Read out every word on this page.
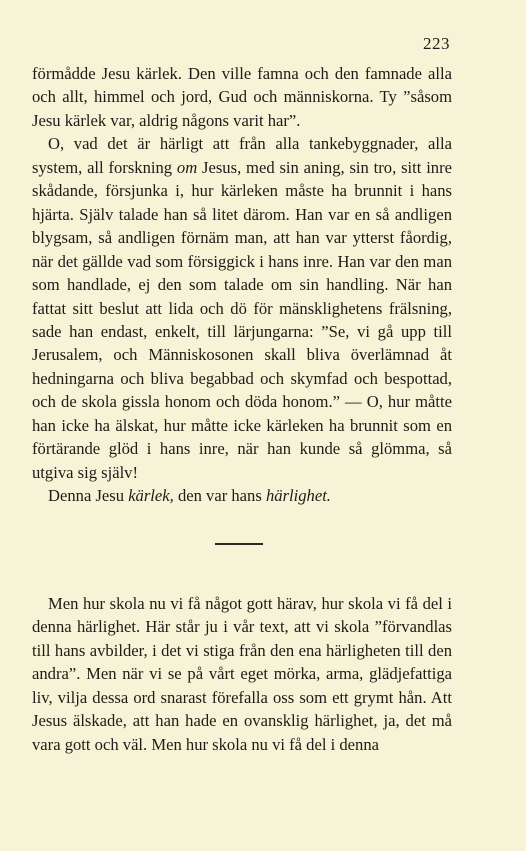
223

förmådde Jesu kärlek. Den ville famna och den famnade alla och allt, himmel och jord, Gud och människorna. Ty ”såsom Jesu kärlek var, aldrig någons varit har”.

O, vad det är härligt att från alla tankebyggnader, alla system, all forskning om Jesus, med sin aning, sin tro, sitt inre skådande, försjunka i, hur kärleken måste ha brunnit i hans hjärta. Själv talade han så litet därom. Han var en så andligen blygsam, så andligen förnäm man, att han var ytterst fåordig, när det gällde vad som försiggick i hans inre. Han var den man som handlade, ej den som talade om sin handling. När han fattat sitt beslut att lida och dö för mänsklighetens frälsning, sade han endast, enkelt, till lärjungarna: ”Se, vi gå upp till Jerusalem, och Människosonen skall bliva överlämnad åt hedningarna och bliva begabbad och skymfad och bespottad, och de skola gissla honom och döda honom.” — O, hur måtte han icke ha älskat, hur måtte icke kärleken ha brunnit som en förtärande glöd i hans inre, när han kunde så glömma, så utgiva sig själv!

Denna Jesu kärlek, den var hans härlighet.

Men hur skola nu vi få något gott härav, hur skola vi få del i denna härlighet. Här står ju i vår text, att vi skola ”förvandlas till hans avbilder, i det vi stiga från den ena härligheten till den andra”. Men när vi se på vårt eget mörka, arma, glädjefattiga liv, vilja dessa ord snarast förefalla oss som ett grymt hån. Att Jesus älskade, att han hade en ovansklig härlighet, ja, det må vara gott och väl. Men hur skola nu vi få del i denna
